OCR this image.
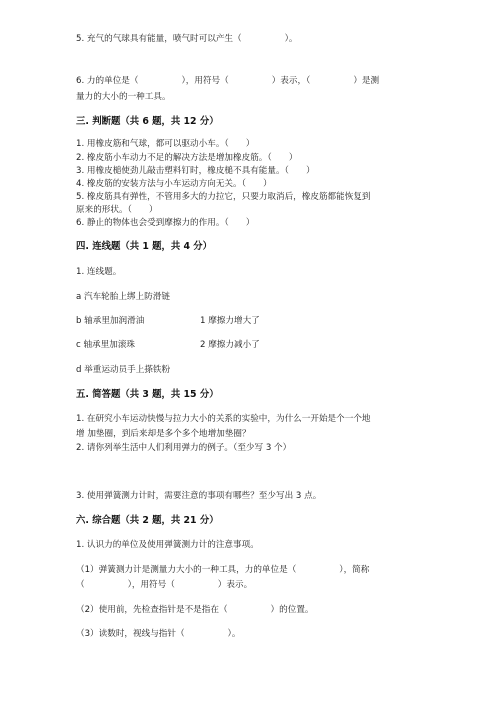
5. 充气的气球具有能量，喷气时可以产生（　　　　　）。
6. 力的单位是（　　　　　），用符号（　　　　　）表示，（　　　　　）是测
量力的大小的一种工具。
三. 判断题（共 6 题，共 12 分）
1. 用橡皮筋和气球，都可以驱动小车。（　　）
2. 橡皮筋小车动力不足的解决方法是增加橡皮筋。（　　）
3. 用橡皮槌使劲儿敲击塑料钉时，橡皮槌不具有能量。（　　）
4. 橡皮筋的安装方法与小车运动方向无关。（　　）
5. 橡皮筋具有弹性，不管用多大的力拉它，只要力取消后，橡皮筋都能恢复到
原来的形状。（　　）
6. 静止的物体也会受到摩擦力的作用。（　　）
四. 连线题（共 1 题，共 4 分）
1. 连线题。
a 汽车轮胎上绑上防滑链
b 轴承里加润滑油	1 摩擦力增大了
c 轴承里加滚珠	2 摩擦力减小了
d 举重运动员手上搽铁粉
五. 简答题（共 3 题，共 15 分）
1. 在研究小车运动快慢与拉力大小的关系的实验中，为什么一开始是个一个地
增 加垫圈，到后来却是多个多个地增加垫圈？
2. 请你列举生活中人们利用弹力的例子。（至少写 3 个）
3. 使用弹簧测力计时，需要注意的事项有哪些？至少写出 3 点。
六. 综合题（共 2 题，共 21 分）
1. 认识力的单位及使用弹簧测力计的注意事项。
（1）弹簧测力计是测量力大小的一种工具，力的单位是（　　　　　），简称
（　　　　　），用符号（　　　　　）表示。
（2）使用前，先检查指针是不是指在（　　　　　）的位置。
（3）读数时，视线与指针（　　　　　）。
